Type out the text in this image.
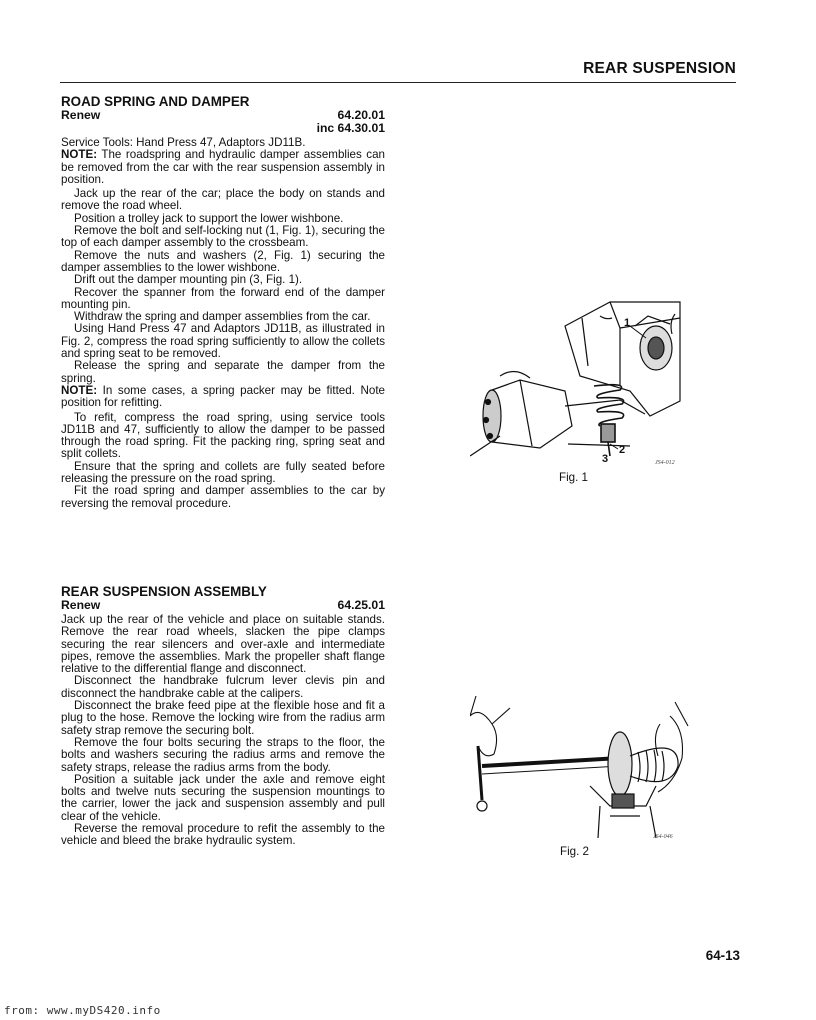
REAR SUSPENSION
ROAD SPRING AND DAMPER
Renew	64.20.01
inc 64.30.01

Service Tools: Hand Press 47, Adaptors JD11B.

NOTE: The roadspring and hydraulic damper assemblies can be removed from the car with the rear suspension assembly in position.

Jack up the rear of the car; place the body on stands and remove the road wheel.

Position a trolley jack to support the lower wishbone.

Remove the bolt and self-locking nut (1, Fig. 1), securing the top of each damper assembly to the crossbeam.

Remove the nuts and washers (2, Fig. 1) securing the damper assemblies to the lower wishbone.

Drift out the damper mounting pin (3, Fig. 1).

Recover the spanner from the forward end of the damper mounting pin.

Withdraw the spring and damper assemblies from the car.

Using Hand Press 47 and Adaptors JD11B, as illustrated in Fig. 2, compress the road spring sufficiently to allow the collets and spring seat to be removed.

Release the spring and separate the damper from the spring.

NOTE: In some cases, a spring packer may be fitted. Note position for refitting.

To refit, compress the road spring, using service tools JD11B and 47, sufficiently to allow the damper to be passed through the road spring. Fit the packing ring, spring seat and split collets.

Ensure that the spring and collets are fully seated before releasing the pressure on the road spring.

Fit the road spring and damper assemblies to the car by reversing the removal procedure.

REAR SUSPENSION ASSEMBLY
Renew	64.25.01

Jack up the rear of the vehicle and place on suitable stands. Remove the rear road wheels, slacken the pipe clamps securing the rear silencers and over-axle and intermediate pipes, remove the assemblies. Mark the propeller shaft flange relative to the differential flange and disconnect.

Disconnect the handbrake fulcrum lever clevis pin and disconnect the handbrake cable at the calipers.

Disconnect the brake feed pipe at the flexible hose and fit a plug to the hose. Remove the locking wire from the radius arm safety strap remove the securing bolt.

Remove the four bolts securing the straps to the floor, the bolts and washers securing the radius arms and remove the safety straps, release the radius arms from the body.

Position a suitable jack under the axle and remove eight bolts and twelve nuts securing the suspension mountings to the carrier, lower the jack and suspension assembly and pull clear of the vehicle.

Reverse the removal procedure to refit the assembly to the vehicle and bleed the brake hydraulic system.

1
2
3	JS4-012
Fig. 1
JS4-046
Fig. 2
64-13
from: www.myDS420.info
